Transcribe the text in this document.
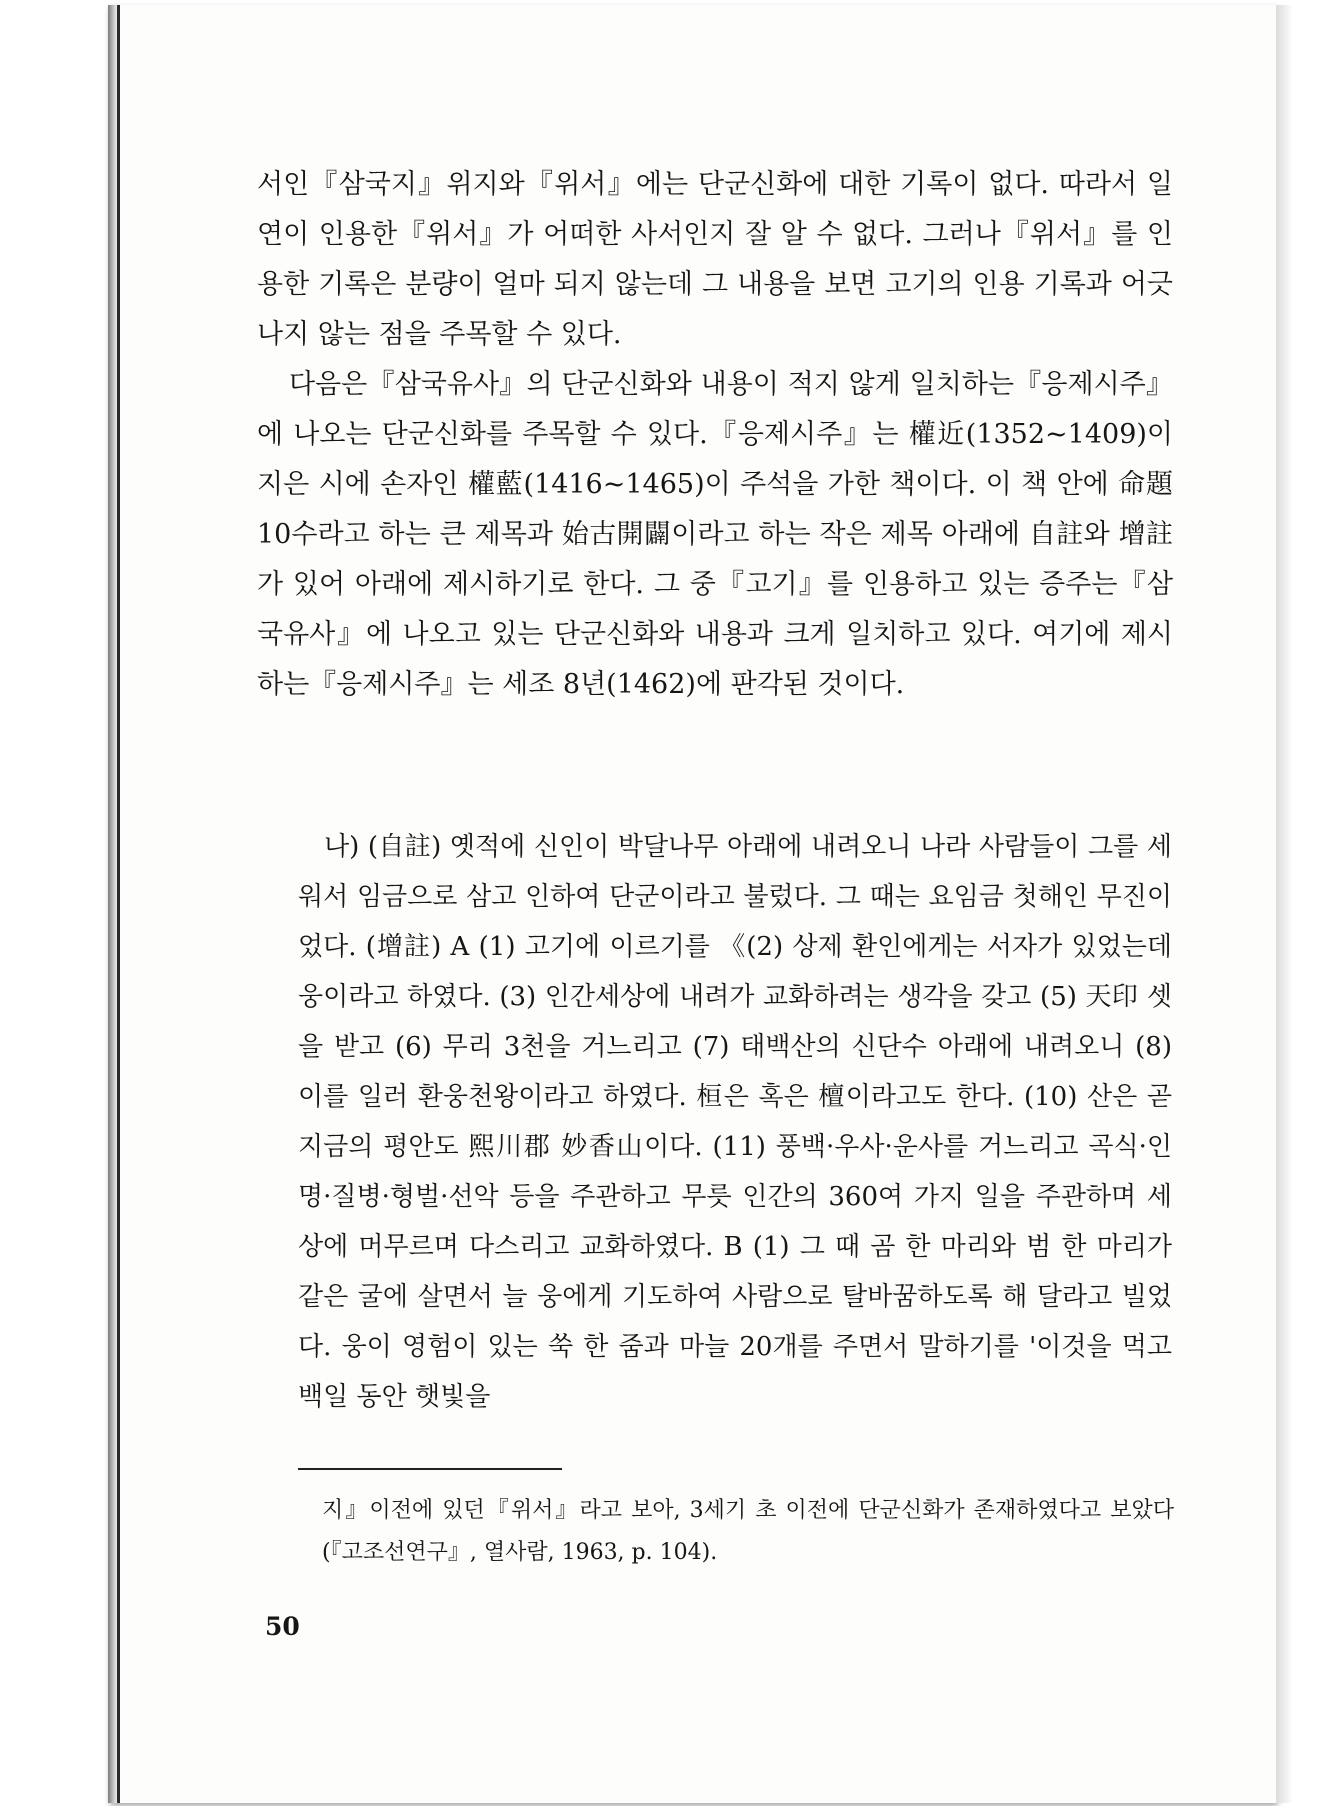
서인『삼국지』위지와『위서』에는 단군신화에 대한 기록이 없다. 따라서 일연이 인용한『위서』가 어떠한 사서인지 잘 알 수 없다. 그러나『위서』를 인용한 기록은 분량이 얼마 되지 않는데 그 내용을 보면 고기의 인용 기록과 어긋나지 않는 점을 주목할 수 있다.

다음은『삼국유사』의 단군신화와 내용이 적지 않게 일치하는『응제시주』에 나오는 단군신화를 주목할 수 있다.『응제시주』는 權近(1352~1409)이 지은 시에 손자인 權藍(1416~1465)이 주석을 가한 책이다. 이 책 안에 命題 10수라고 하는 큰 제목과 始古開闢이라고 하는 작은 제목 아래에 自註와 增註가 있어 아래에 제시하기로 한다. 그 중『고기』를 인용하고 있는 증주는『삼국유사』에 나오고 있는 단군신화와 내용과 크게 일치하고 있다. 여기에 제시하는『응제시주』는 세조 8년(1462)에 판각된 것이다.

나) (自註) 옛적에 신인이 박달나무 아래에 내려오니 나라 사람들이 그를 세워서 임금으로 삼고 인하여 단군이라고 불렀다. 그 때는 요임금 첫해인 무진이었다. (增註) A (1) 고기에 이르기를 《(2) 상제 환인에게는 서자가 있었는데 웅이라고 하였다. (3) 인간세상에 내려가 교화하려는 생각을 갖고 (5) 天印 셋을 받고 (6) 무리 3천을 거느리고 (7) 태백산의 신단수 아래에 내려오니 (8) 이를 일러 환웅천왕이라고 하였다. 桓은 혹은 檀이라고도 한다. (10) 산은 곧 지금의 평안도 熙川郡 妙香山이다. (11) 풍백·우사·운사를 거느리고 곡식·인명·질병·형벌·선악 등을 주관하고 무릇 인간의 360여 가지 일을 주관하며 세상에 머무르며 다스리고 교화하였다. B (1) 그 때 곰 한 마리와 범 한 마리가 같은 굴에 살면서 늘 웅에게 기도하여 사람으로 탈바꿈하도록 해 달라고 빌었다. 웅이 영험이 있는 쑥 한 줌과 마늘 20개를 주면서 말하기를 '이것을 먹고 백일 동안 햇빛을

지』이전에 있던『위서』라고 보아, 3세기 초 이전에 단군신화가 존재하였다고 보았다(『고조선연구』, 열사람, 1963, p. 104).

50
